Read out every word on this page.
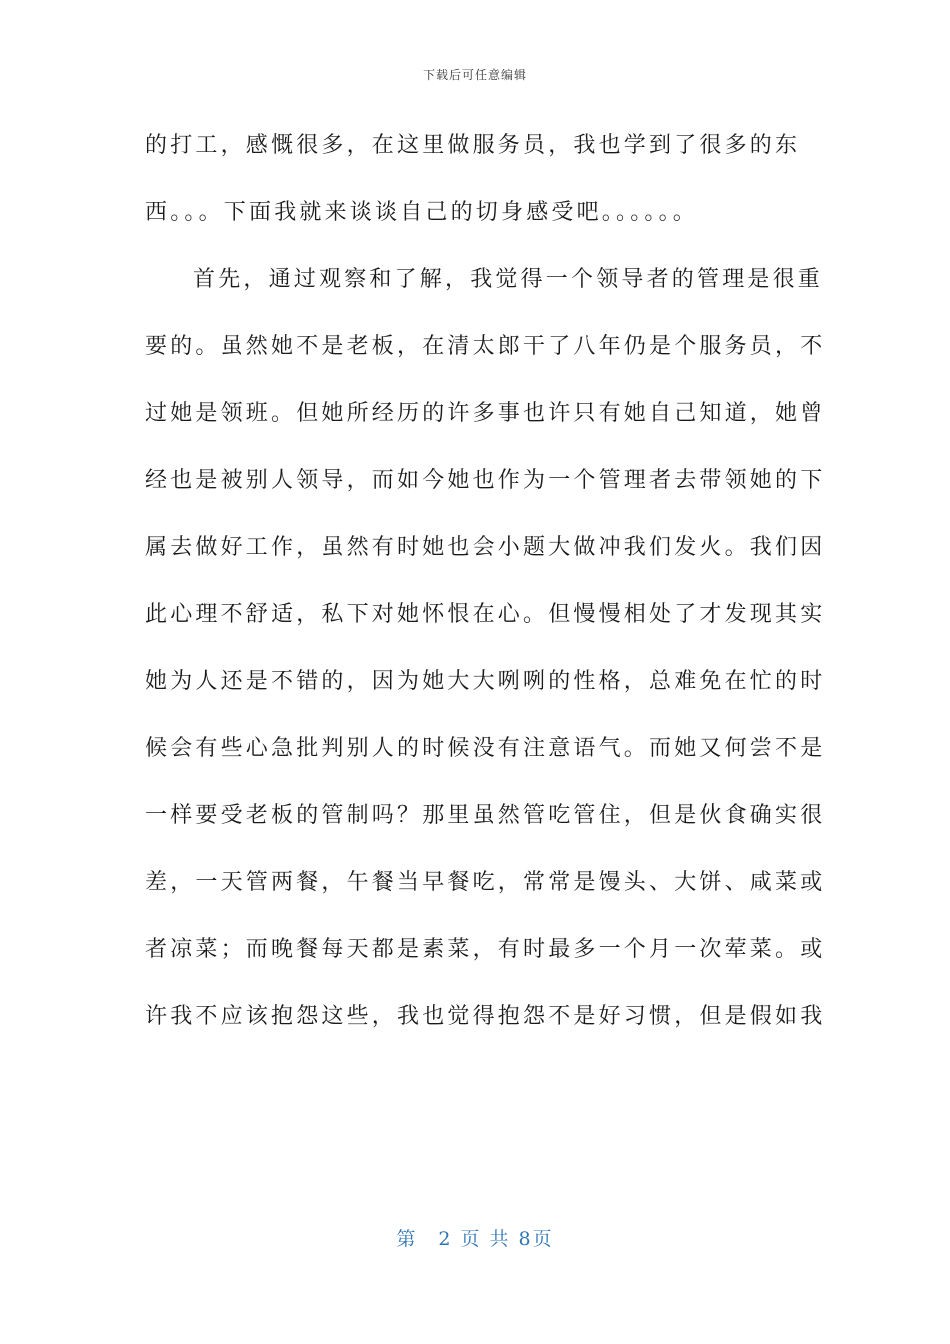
下载后可任意编辑
的打工，感慨很多，在这里做服务员，我也学到了很多的东
西。。。下面我就来谈谈自己的切身感受吧。。。。。。
首先，通过观察和了解，我觉得一个领导者的管理是很重
要的。虽然她不是老板，在清太郎干了八年仍是个服务员，不
过她是领班。但她所经历的许多事也许只有她自己知道，她曾
经也是被别人领导，而如今她也作为一个管理者去带领她的下
属去做好工作，虽然有时她也会小题大做冲我们发火。我们因
此心理不舒适，私下对她怀恨在心。但慢慢相处了才发现其实
她为人还是不错的，因为她大大咧咧的性格，总难免在忙的时
候会有些心急批判别人的时候没有注意语气。而她又何尝不是
一样要受老板的管制吗？那里虽然管吃管住，但是伙食确实很
差，一天管两餐，午餐当早餐吃，常常是馒头、大饼、咸菜或
者凉菜；而晚餐每天都是素菜，有时最多一个月一次荤菜。或
许我不应该抱怨这些，我也觉得抱怨不是好习惯，但是假如我
第　2 页 共 8页
